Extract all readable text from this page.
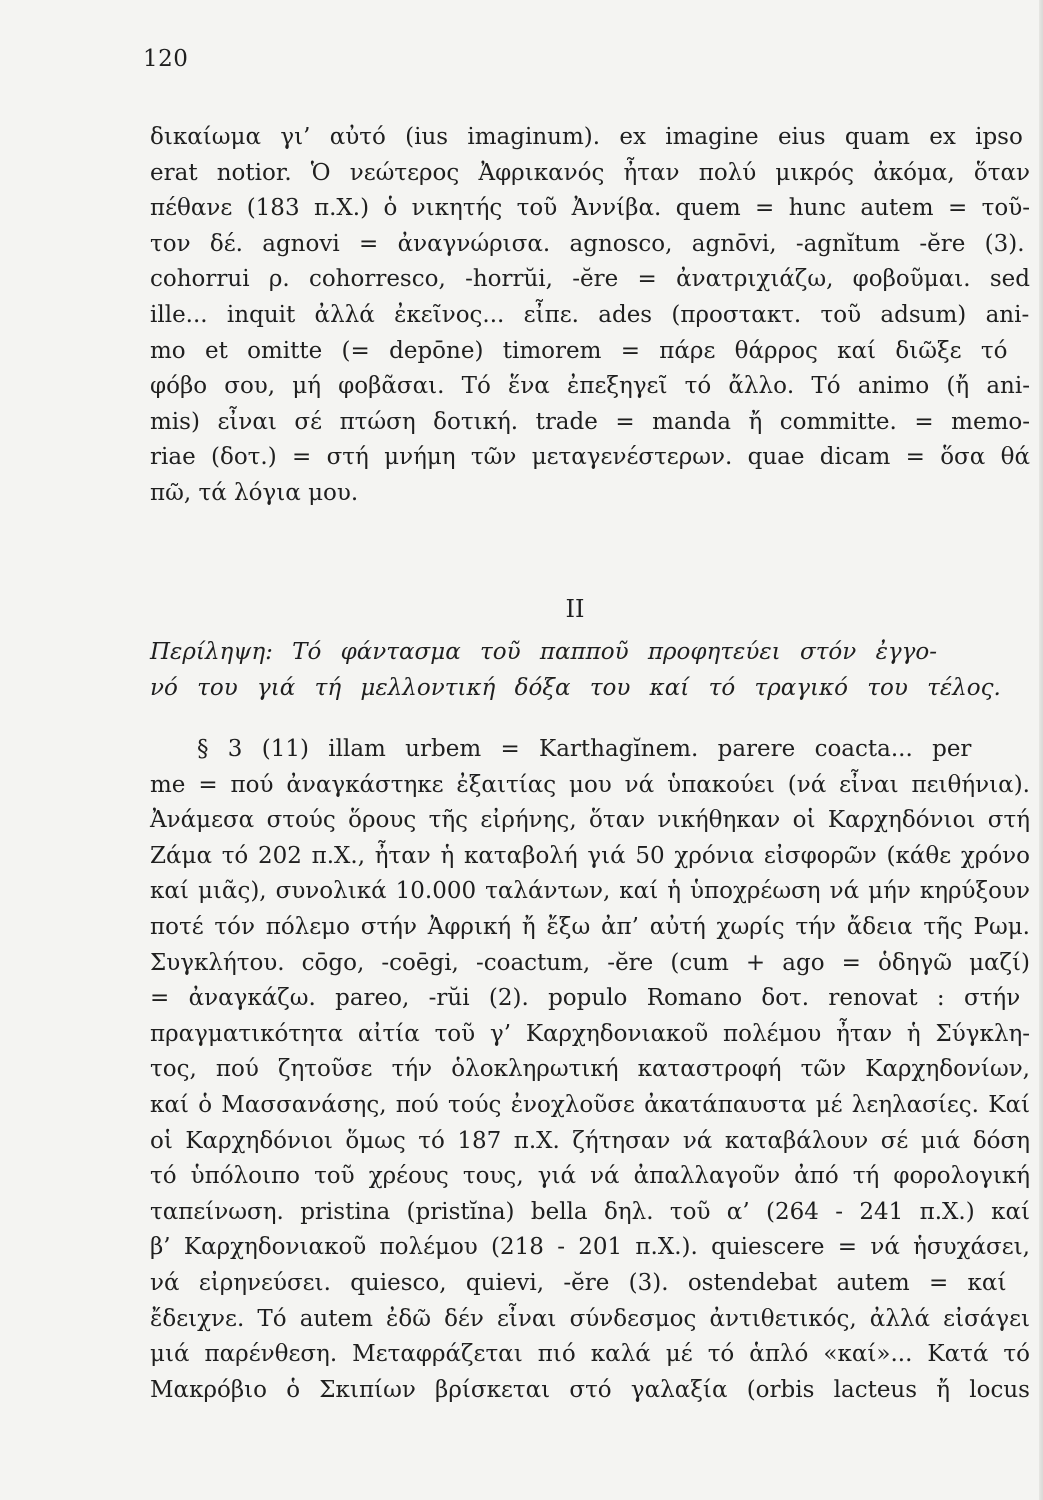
120
δικαίωμα γι’ αὐτό (ius imaginum). ex imagine eius quam ex ipso
erat notior. Ὁ νεώτερος Ἀφρικανός ἦταν πολύ μικρός ἀκόμα, ὅταν
πέθανε (183 π.Χ.) ὁ νικητής τοῦ Ἀννίβα. quem = hunc autem = τοῦ-
τον δέ. agnovi = ἀναγνώρισα. agnosco, agnōvi, -agnĭtum -ĕre (3).
cohorrui ρ. cohorresco, -horrŭi, -ĕre = ἀνατριχιάζω, φοβοῦμαι. sed
ille... inquit ἀλλά ἐκεῖνος... εἶπε. ades (προστακτ. τοῦ adsum) ani-
mo et omitte (= depōne) timorem = πάρε θάρρος καί διῶξε τό
φόβο σου, μή φοβᾶσαι. Τό ἕνα ἐπεξηγεῖ τό ἄλλο. Τό animo (ἤ ani-
mis) εἶναι σέ πτώση δοτική. trade = manda ἤ committe. = memo-
riae (δοτ.) = στή μνήμη τῶν μεταγενέστερων. quae dicam = ὅσα θά
πῶ, τά λόγια μου.
II
Περίληψη: Τό φάντασμα τοῦ παπποῦ προφητεύει στόν ἐγγο-
νό του γιά τή μελλοντική δόξα του καί τό τραγικό του τέλος.
§ 3 (11) illam urbem = Karthagĭnem. parere coacta... per
me = πού ἀναγκάστηκε ἐξαιτίας μου νά ὑπακούει (νά εἶναι πειθήνια).
Ἀνάμεσα στούς ὅρους τῆς εἰρήνης, ὅταν νικήθηκαν οἱ Καρχηδόνιοι στή
Ζάμα τό 202 π.Χ., ἦταν ἡ καταβολή γιά 50 χρόνια εἰσφορῶν (κάθε χρόνο
καί μιᾶς), συνολικά 10.000 ταλάντων, καί ἡ ὑποχρέωση νά μήν κηρύξουν
ποτέ τόν πόλεμο στήν Ἀφρική ἤ ἔξω ἀπ’ αὐτή χωρίς τήν ἄδεια τῆς Ρωμ.
Συγκλήτου. cōgo, -coēgi, -coactum, -ĕre (cum + ago = ὁδηγῶ μαζί)
= ἀναγκάζω. pareo, -rŭi (2). populo Romano δοτ. renovat : στήν
πραγματικότητα αἰτία τοῦ γ’ Καρχηδονιακοῦ πολέμου ἦταν ἡ Σύγκλη-
τος, πού ζητοῦσε τήν ὁλοκληρωτική καταστροφή τῶν Καρχηδονίων,
καί ὁ Μασσανάσης, πού τούς ἐνοχλοῦσε ἀκατάπαυστα μέ λεηλασίες. Καί
οἱ Καρχηδόνιοι ὅμως τό 187 π.Χ. ζήτησαν νά καταβάλουν σέ μιά δόση
τό ὑπόλοιπο τοῦ χρέους τους, γιά νά ἀπαλλαγοῦν ἀπό τή φορολογική
ταπείνωση. pristina (pristĭna) bella δηλ. τοῦ α’ (264 - 241 π.Χ.) καί
β’ Καρχηδονιακοῦ πολέμου (218 - 201 π.Χ.). quiescere = νά ἡσυχάσει,
νά εἰρηνεύσει. quiesco, quievi, -ĕre (3). ostendebat autem = καί
ἔδειχνε. Τό autem ἐδῶ δέν εἶναι σύνδεσμος ἀντιθετικός, ἀλλά εἰσάγει
μιά παρένθεση. Μεταφράζεται πιό καλά μέ τό ἁπλό «καί»... Κατά τό
Μακρόβιο ὁ Σκιπίων βρίσκεται στό γαλαξία (orbis lacteus ἤ locus
